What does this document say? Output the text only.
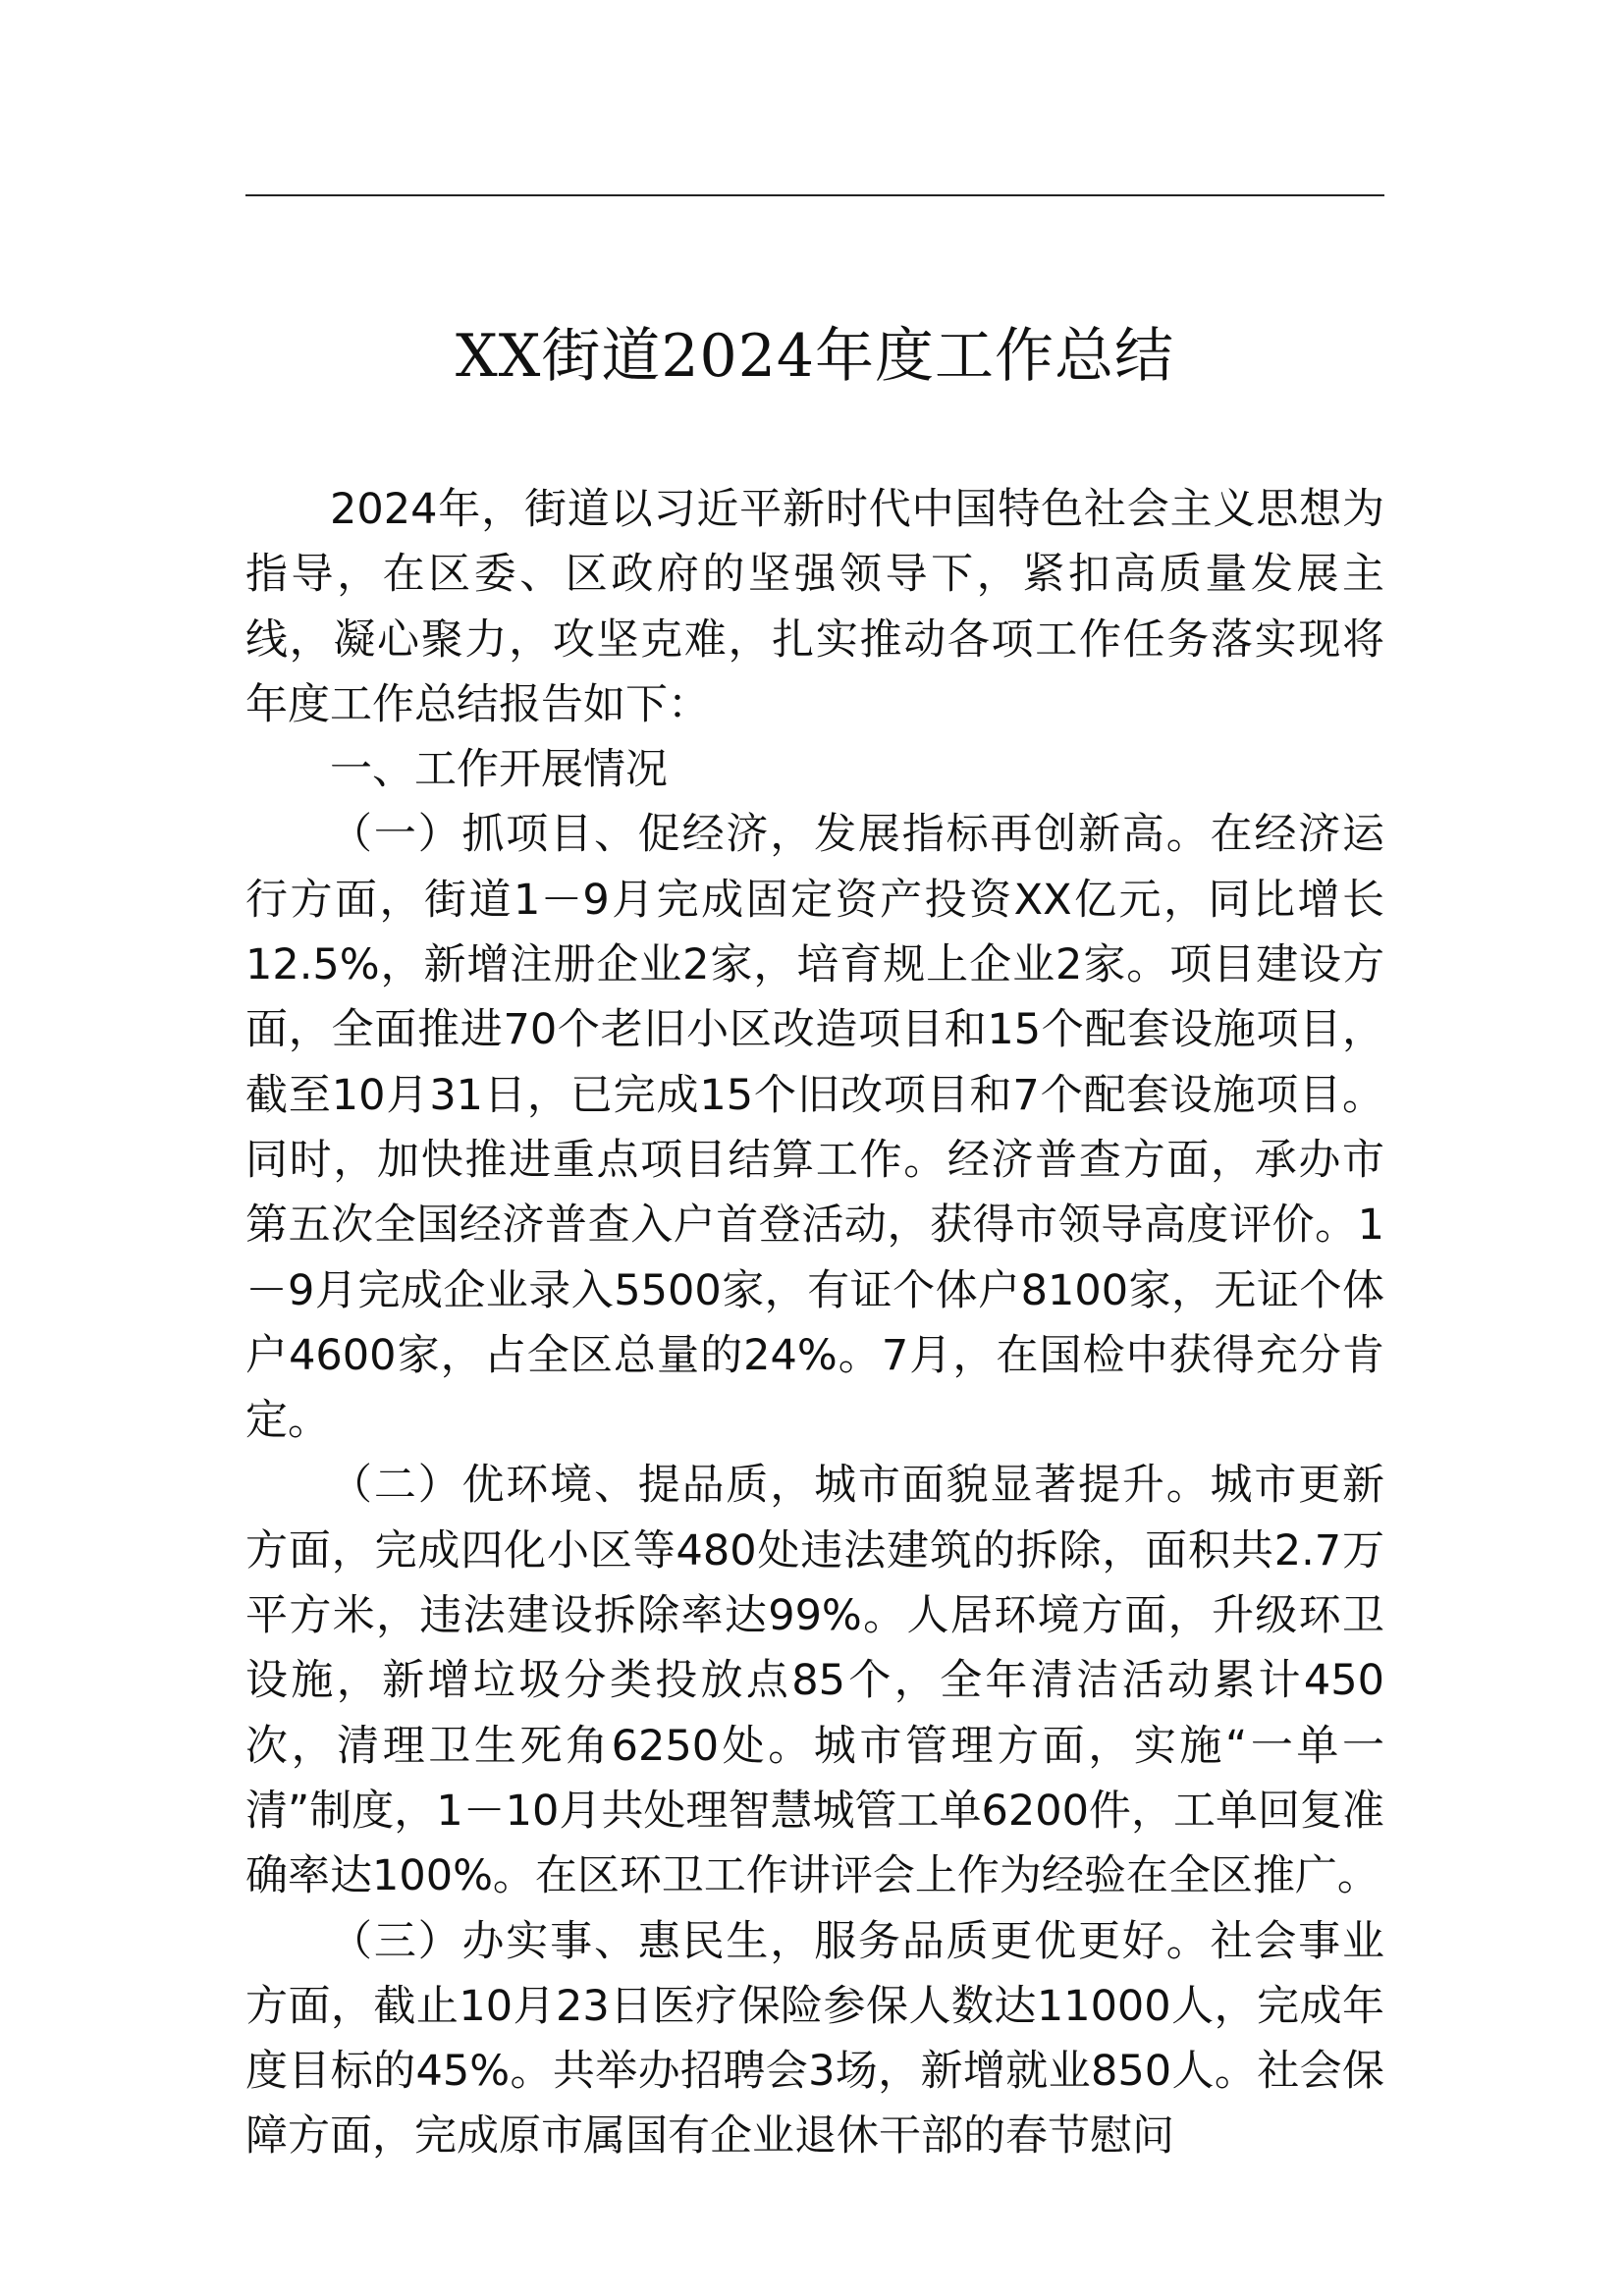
XX街道2024年度工作总结

2024年，街道以习近平新时代中国特色社会主义思想为指导，在区委、区政府的坚强领导下，紧扣高质量发展主线，凝心聚力，攻坚克难，扎实推动各项工作任务落实现将年度工作总结报告如下：

一、工作开展情况

（一）抓项目、促经济，发展指标再创新高。在经济运行方面，街道1－9月完成固定资产投资XX亿元，同比增长12.5%，新增注册企业2家，培育规上企业2家。项目建设方面，全面推进70个老旧小区改造项目和15个配套设施项目，截至10月31日，已完成15个旧改项目和7个配套设施项目。同时，加快推进重点项目结算工作。经济普查方面，承办市第五次全国经济普查入户首登活动，获得市领导高度评价。1－9月完成企业录入5500家，有证个体户8100家，无证个体户4600家，占全区总量的24%。7月，在国检中获得充分肯定。

（二）优环境、提品质，城市面貌显著提升。城市更新方面，完成四化小区等480处违法建筑的拆除，面积共2.7万平方米，违法建设拆除率达99%。人居环境方面，升级环卫设施，新增垃圾分类投放点85个，全年清洁活动累计450次，清理卫生死角6250处。城市管理方面，实施“一单一清”制度，1－10月共处理智慧城管工单6200件，工单回复准确率达100%。在区环卫工作讲评会上作为经验在全区推广。

（三）办实事、惠民生，服务品质更优更好。社会事业方面，截止10月23日医疗保险参保人数达11000人，完成年度目标的45%。共举办招聘会3场，新增就业850人。社会保障方面，完成原市属国有企业退休干部的春节慰问
